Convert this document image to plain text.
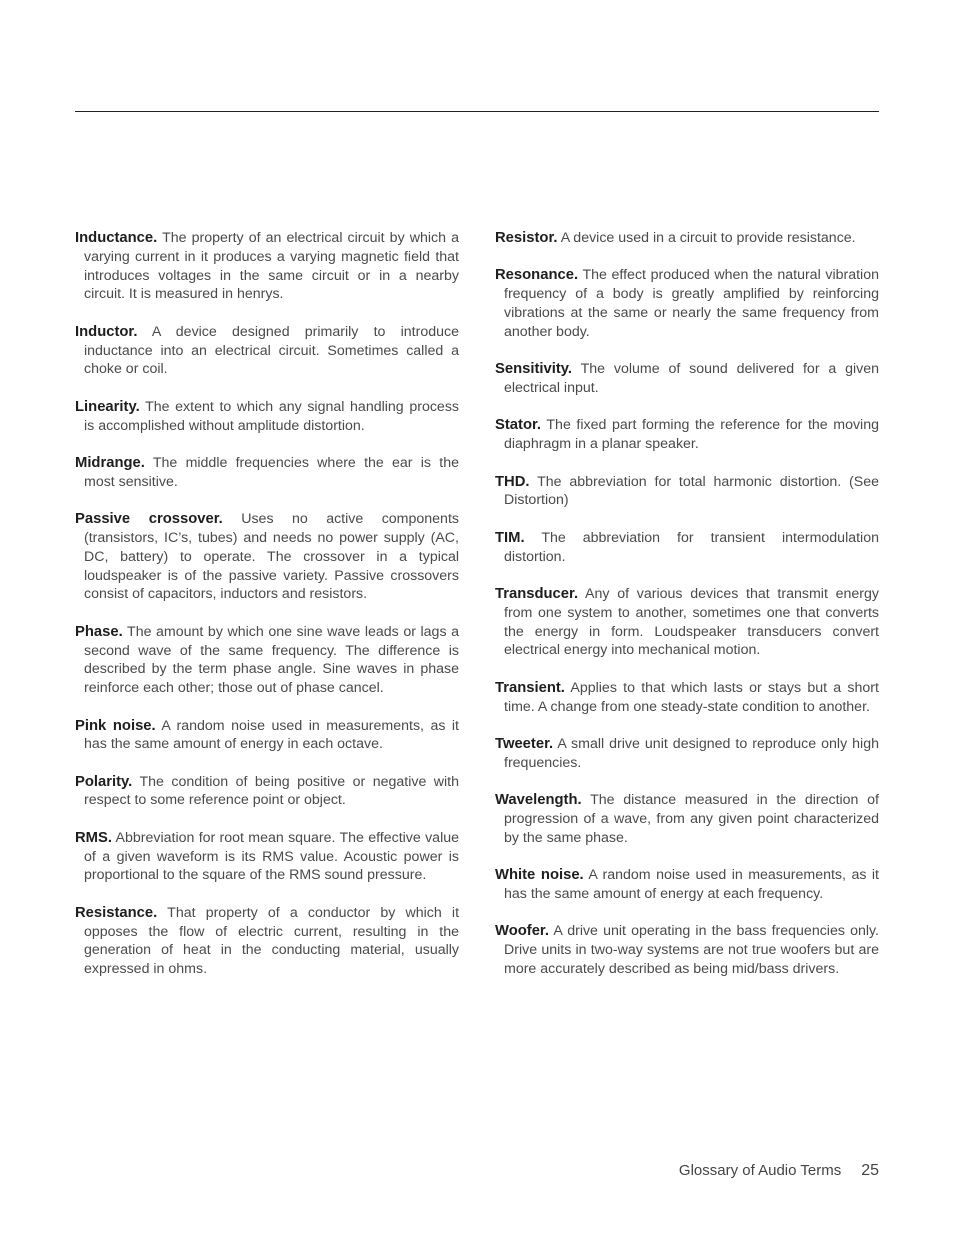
Inductance. The property of an electrical circuit by which a varying current in it produces a varying magnetic field that introduces voltages in the same circuit or in a nearby circuit. It is measured in henrys.

Inductor. A device designed primarily to introduce inductance into an electrical circuit. Sometimes called a choke or coil.

Linearity. The extent to which any signal handling process is accomplished without amplitude distortion.

Midrange. The middle frequencies where the ear is the most sensitive.

Passive crossover. Uses no active components (transistors, IC’s, tubes) and needs no power supply (AC, DC, battery) to operate. The crossover in a typical loudspeaker is of the passive variety. Passive crossovers consist of capacitors, inductors and resistors.

Phase. The amount by which one sine wave leads or lags a second wave of the same frequency. The difference is described by the term phase angle. Sine waves in phase reinforce each other; those out of phase cancel.

Pink noise. A random noise used in measurements, as it has the same amount of energy in each octave.

Polarity. The condition of being positive or negative with respect to some reference point or object.

RMS. Abbreviation for root mean square. The effective value of a given waveform is its RMS value. Acoustic power is proportional to the square of the RMS sound pressure.

Resistance. That property of a conductor by which it opposes the flow of electric current, resulting in the generation of heat in the conducting material, usually expressed in ohms.

Resistor. A device used in a circuit to provide resistance.

Resonance. The effect produced when the natural vibration frequency of a body is greatly amplified by reinforcing vibrations at the same or nearly the same frequency from another body.

Sensitivity. The volume of sound delivered for a given electrical input.

Stator. The fixed part forming the reference for the moving diaphragm in a planar speaker.

THD. The abbreviation for total harmonic distortion. (See Distortion)

TIM. The abbreviation for transient intermodulation distortion.

Transducer. Any of various devices that transmit energy from one system to another, sometimes one that converts the energy in form. Loudspeaker transducers convert electrical energy into mechanical motion.

Transient. Applies to that which lasts or stays but a short time. A change from one steady-state condition to another.

Tweeter. A small drive unit designed to reproduce only high frequencies.

Wavelength. The distance measured in the direction of progression of a wave, from any given point characterized by the same phase.

White noise. A random noise used in measurements, as it has the same amount of energy at each frequency.

Woofer. A drive unit operating in the bass frequencies only. Drive units in two-way systems are not true woofers but are more accurately described as being mid/bass drivers.

Glossary of Audio Terms 25
